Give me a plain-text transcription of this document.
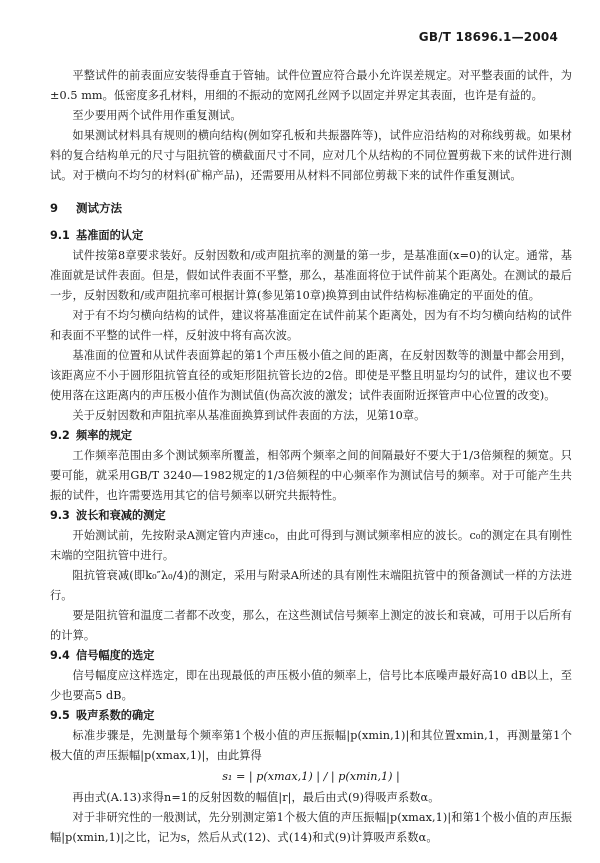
GB/T 18696.1—2004

平整试件的前表面应安装得垂直于管轴。试件位置应符合最小允许误差规定。对平整表面的试件，为±0.5 mm。低密度多孔材料，用细的不振动的宽网孔丝网予以固定并界定其表面，也许是有益的。

至少要用两个试件用作重复测试。

如果测试材料具有规则的横向结构(例如穿孔板和共振器阵等)，试件应沿结构的对称线剪裁。如果材料的复合结构单元的尺寸与阻抗管的横截面尺寸不同，应对几个从结构的不同位置剪裁下来的试件进行测试。对于横向不均匀的材料(矿棉产品)，还需要用从材料不同部位剪裁下来的试件作重复测试。

9 测试方法
9.1 基准面的认定

试件按第8章要求装好。反射因数和/或声阻抗率的测量的第一步，是基准面(x=0)的认定。通常，基准面就是试件表面。但是，假如试件表面不平整，那么，基准面将位于试件前某个距离处。在测试的最后一步，反射因数和/或声阻抗率可根据计算(参见第10章)换算到由试件结构标准确定的平面处的值。

对于有不均匀横向结构的试件，建议将基准面定在试件前某个距离处，因为有不均匀横向结构的试件和表面不平整的试件一样，反射波中将有高次波。

基准面的位置和从试件表面算起的第1个声压极小值之间的距离，在反射因数等的测量中都会用到，该距离应不小于圆形阻抗管直径的或矩形阻抗管长边的2倍。即使是平整且明显均匀的试件，建议也不要使用落在这距离内的声压极小值作为测试值(伪高次波的激发；试件表面附近探管声中心位置的改变)。

关于反射因数和声阻抗率从基准面换算到试件表面的方法，见第10章。

9.2 频率的规定

工作频率范围由多个测试频率所覆盖，相邻两个频率之间的间隔最好不要大于1/3倍频程的频宽。只要可能，就采用GB/T 3240—1982规定的1/3倍频程的中心频率作为测试信号的频率。对于可能产生共振的试件，也许需要选用其它的信号频率以研究共振特性。

9.3 波长和衰减的测定

开始测试前，先按附录A测定管内声速c₀，由此可得到与测试频率相应的波长。c₀的测定在具有刚性末端的空阻抗管中进行。

阻抗管衰减(即k₀″λ₀/4)的测定，采用与附录A所述的具有刚性末端阻抗管中的预备测试一样的方法进行。

要是阻抗管和温度二者都不改变，那么，在这些测试信号频率上测定的波长和衰减，可用于以后所有的计算。

9.4 信号幅度的选定

信号幅度应这样选定，即在出现最低的声压极小值的频率上，信号比本底噪声最好高10 dB以上，至少也要高5 dB。

9.5 吸声系数的确定

标准步骤是，先测量每个频率第1个极小值的声压振幅|p(xmin,1)|和其位置xmin,1，再测量第1个极大值的声压振幅|p(xmax,1)|，由此算得

s₁ = | p(xmax,1) | / | p(xmin,1) |

再由式(A.13)求得n=1的反射因数的幅值|r|，最后由式(9)得吸声系数α。

对于非研究性的一般测试，先分别测定第1个极大值的声压振幅|p(xmax,1)|和第1个极小值的声压振幅|p(xmin,1)|之比，记为s，然后从式(12)、式(14)和式(9)计算吸声系数α。
